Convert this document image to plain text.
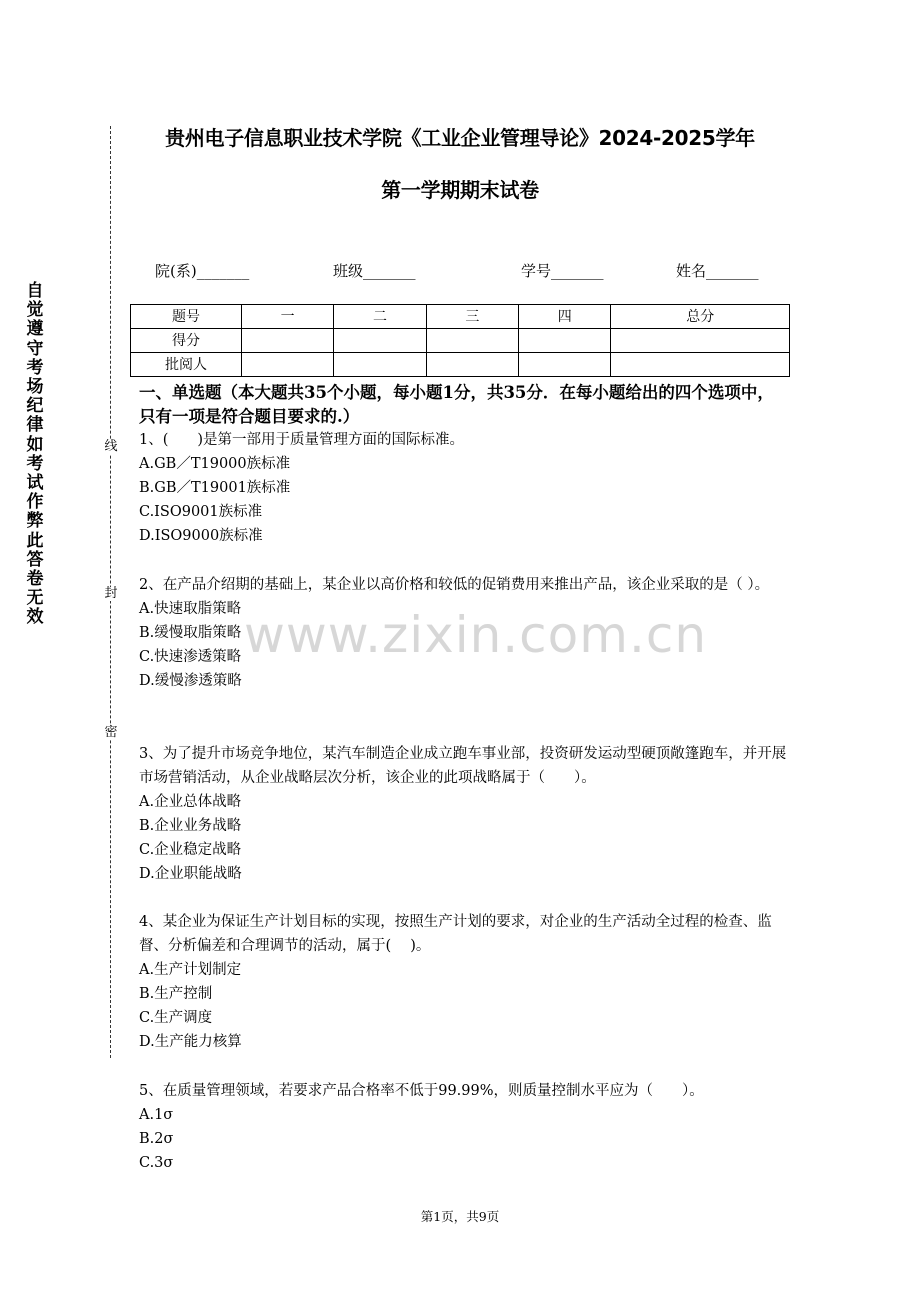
自觉遵守考场纪律如考试作弊此答卷无效
线
封
密
贵州电子信息职业技术学院《工业企业管理导论》2024-2025学年
第一学期期末试卷
院(系)_______	班级_______	学号_______	姓名_______
题号	一	二	三	四	总分
得分					
批阅人					
一、单选题（本大题共35个小题，每小题1分，共35分．在每小题给出的四个选项中，只有一项是符合题目要求的.）

1、(　　)是第一部用于质量管理方面的国际标准。

A.GB／T19000族标准

B.GB／T19001族标准

C.ISO9001族标准

D.ISO9000族标准

2、在产品介绍期的基础上，某企业以高价格和较低的促销费用来推出产品，该企业采取的是（ ）。

A.快速取脂策略

B.缓慢取脂策略

C.快速渗透策略

D.缓慢渗透策略

3、为了提升市场竞争地位，某汽车制造企业成立跑车事业部，投资研发运动型硬顶敞篷跑车，并开展市场营销活动，从企业战略层次分析，该企业的此项战略属于（　　）。

A.企业总体战略

B.企业业务战略

C.企业稳定战略

D.企业职能战略

4、某企业为保证生产计划目标的实现，按照生产计划的要求，对企业的生产活动全过程的检查、监督、分析偏差和合理调节的活动，属于(　 )。

A.生产计划制定

B.生产控制

C.生产调度

D.生产能力核算

5、在质量管理领域，若要求产品合格率不低于99.99%，则质量控制水平应为（　　）。

A.1σ

B.2σ

C.3σ

www.zixin.com.cn
第1页，共9页
